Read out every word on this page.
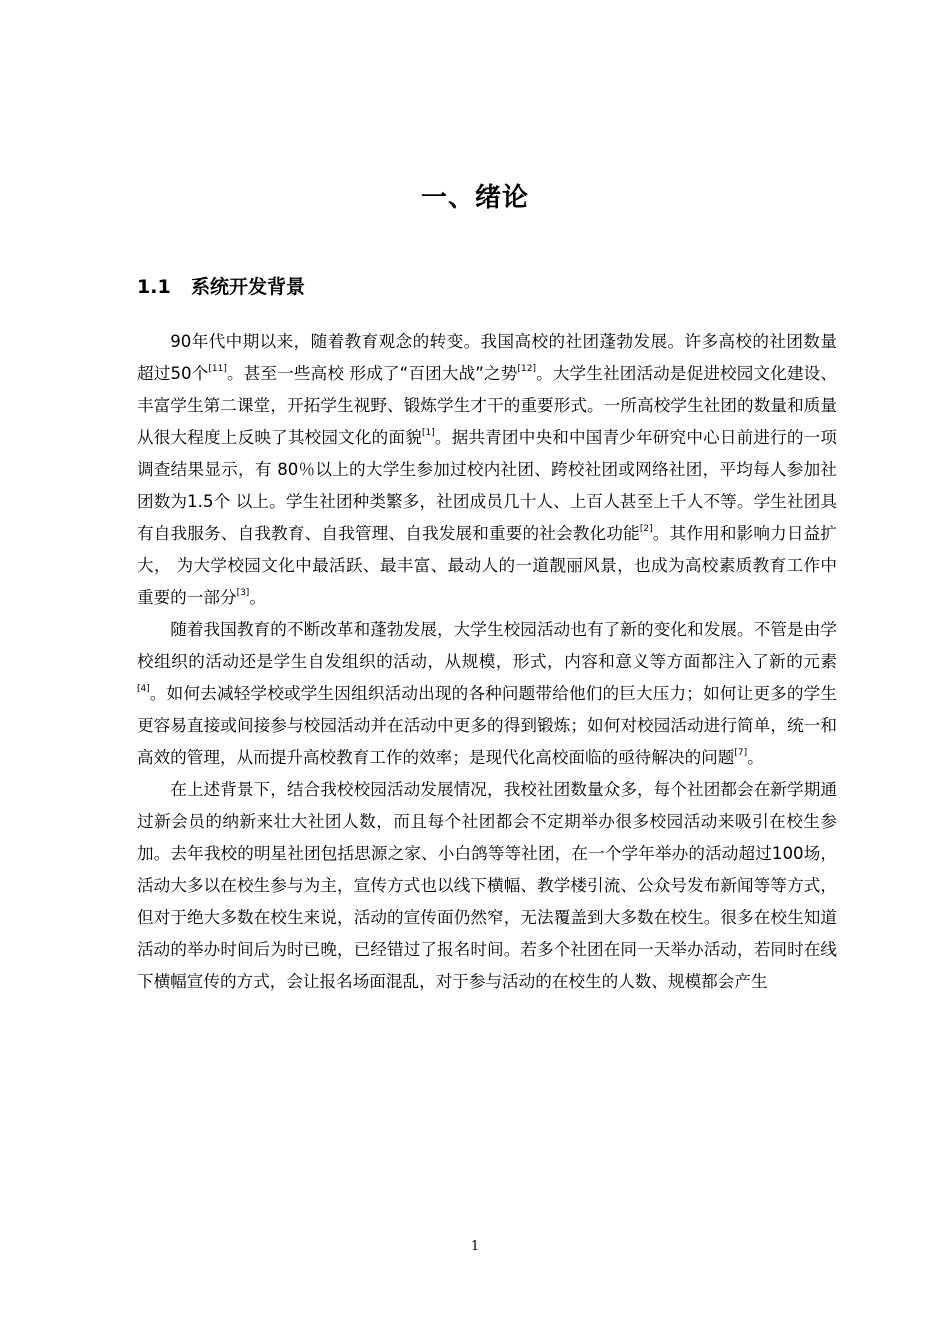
一、绪论
1.1 系统开发背景

90年代中期以来，随着教育观念的转变。我国高校的社团蓬勃发展。许多高校的社团数量超过50个[11]。甚至一些高校 形成了“百团大战”之势[12]。大学生社团活动是促进校园文化建设、丰富学生第二课堂，开拓学生视野、锻炼学生才干的重要形式。一所高校学生社团的数量和质量从很大程度上反映了其校园文化的面貌[1]。据共青团中央和中国青少年研究中心日前进行的一项调查结果显示，有 80％以上的大学生参加过校内社团、跨校社团或网络社团，平均每人参加社团数为1.5个 以上。学生社团种类繁多，社团成员几十人、上百人甚至上千人不等。学生社团具有自我服务、自我教育、自我管理、自我发展和重要的社会教化功能[2]。其作用和影响力日益扩大， 为大学校园文化中最活跃、最丰富、最动人的一道靓丽风景，也成为高校素质教育工作中重要的一部分[3]。

随着我国教育的不断改革和蓬勃发展，大学生校园活动也有了新的变化和发展。不管是由学校组织的活动还是学生自发组织的活动，从规模，形式，内容和意义等方面都注入了新的元素[4]。如何去减轻学校或学生因组织活动出现的各种问题带给他们的巨大压力；如何让更多的学生更容易直接或间接参与校园活动并在活动中更多的得到锻炼；如何对校园活动进行简单，统一和高效的管理，从而提升高校教育工作的效率；是现代化高校面临的亟待解决的问题[7]。

在上述背景下，结合我校校园活动发展情况，我校社团数量众多，每个社团都会在新学期通过新会员的纳新来壮大社团人数，而且每个社团都会不定期举办很多校园活动来吸引在校生参加。去年我校的明星社团包括思源之家、小白鸽等等社团，在一个学年举办的活动超过100场，活动大多以在校生参与为主，宣传方式也以线下横幅、教学楼引流、公众号发布新闻等等方式，但对于绝大多数在校生来说，活动的宣传面仍然窄，无法覆盖到大多数在校生。很多在校生知道活动的举办时间后为时已晚，已经错过了报名时间。若多个社团在同一天举办活动，若同时在线下横幅宣传的方式，会让报名场面混乱，对于参与活动的在校生的人数、规模都会产生

1
